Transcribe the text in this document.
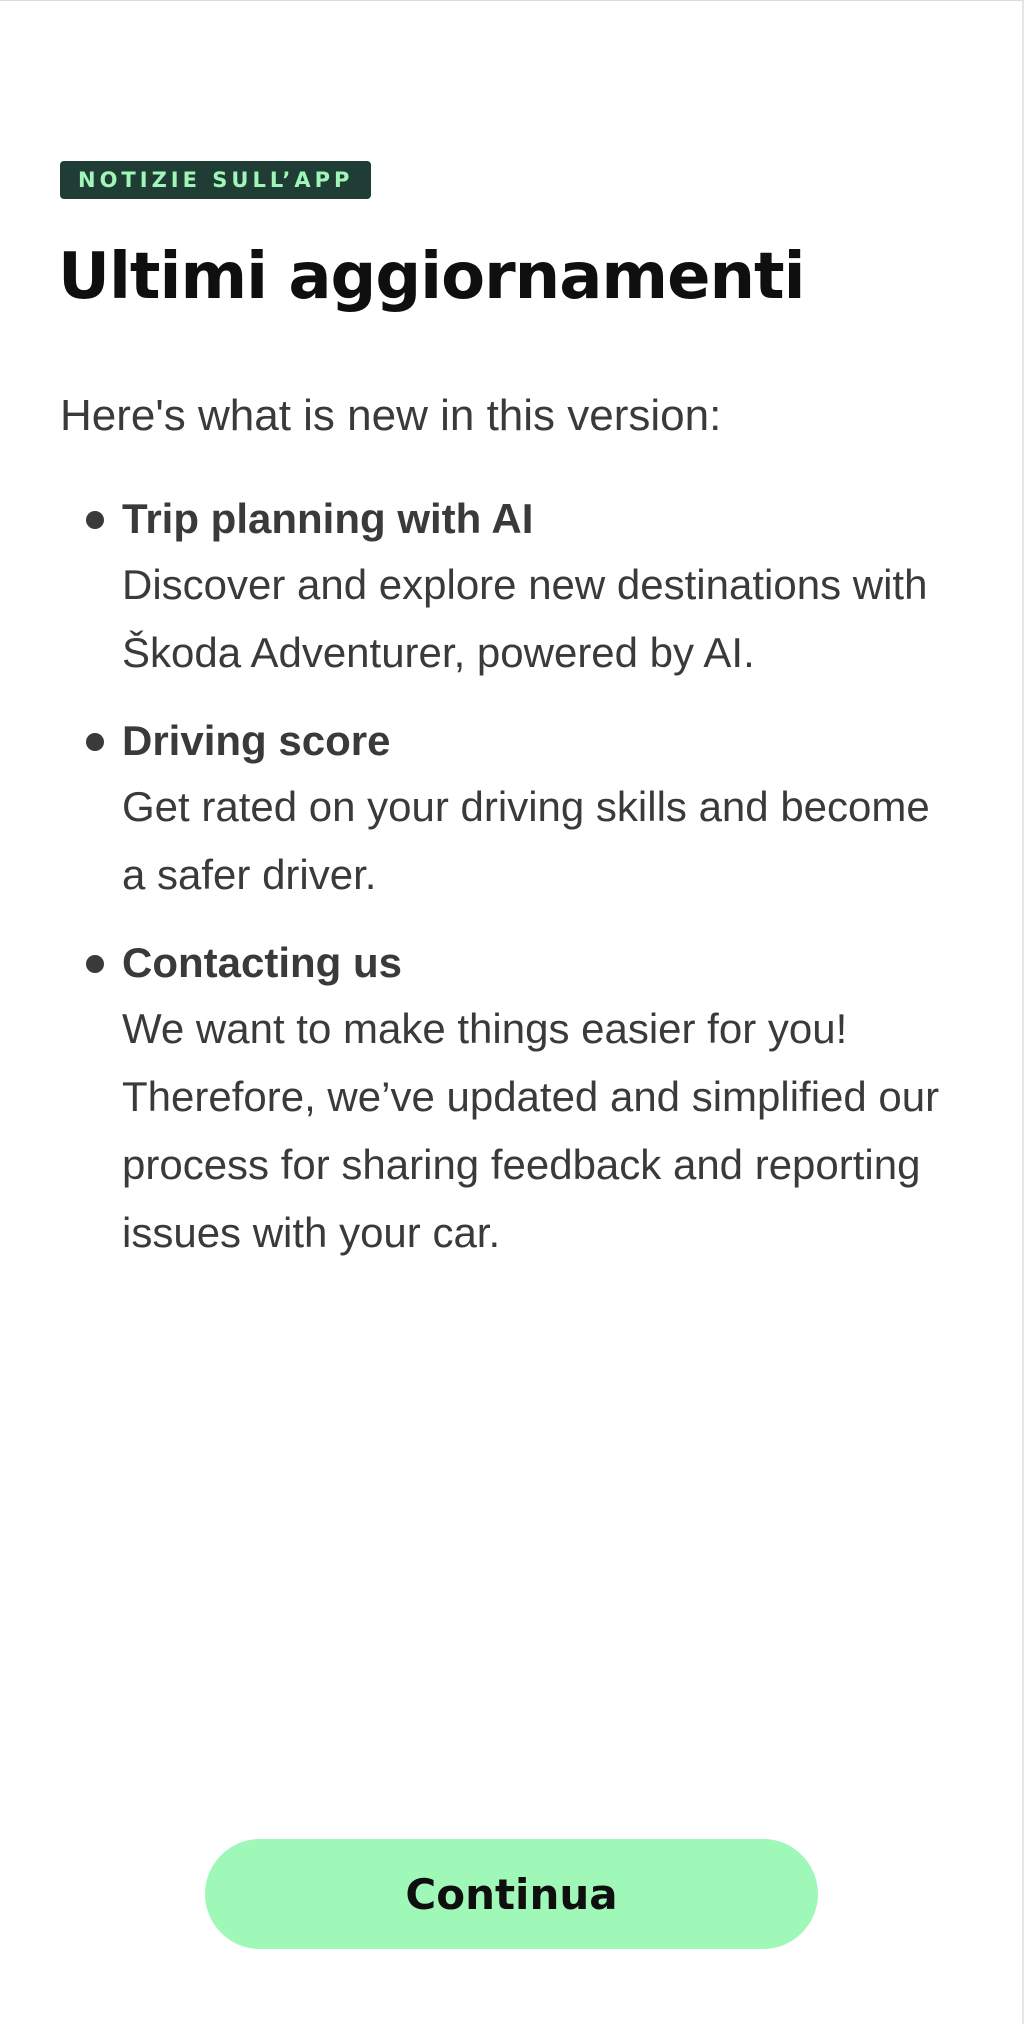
NOTIZIE SULL’APP
Ultimi aggiornamenti

Here's what is new in this version:

Trip planning with AI
Discover and explore new destinations with Škoda Adventurer, powered by AI.
Driving score
Get rated on your driving skills and become a safer driver.
Contacting us
We want to make things easier for you! Therefore, we’ve updated and simplified our process for sharing feedback and reporting issues with your car.
Continua
